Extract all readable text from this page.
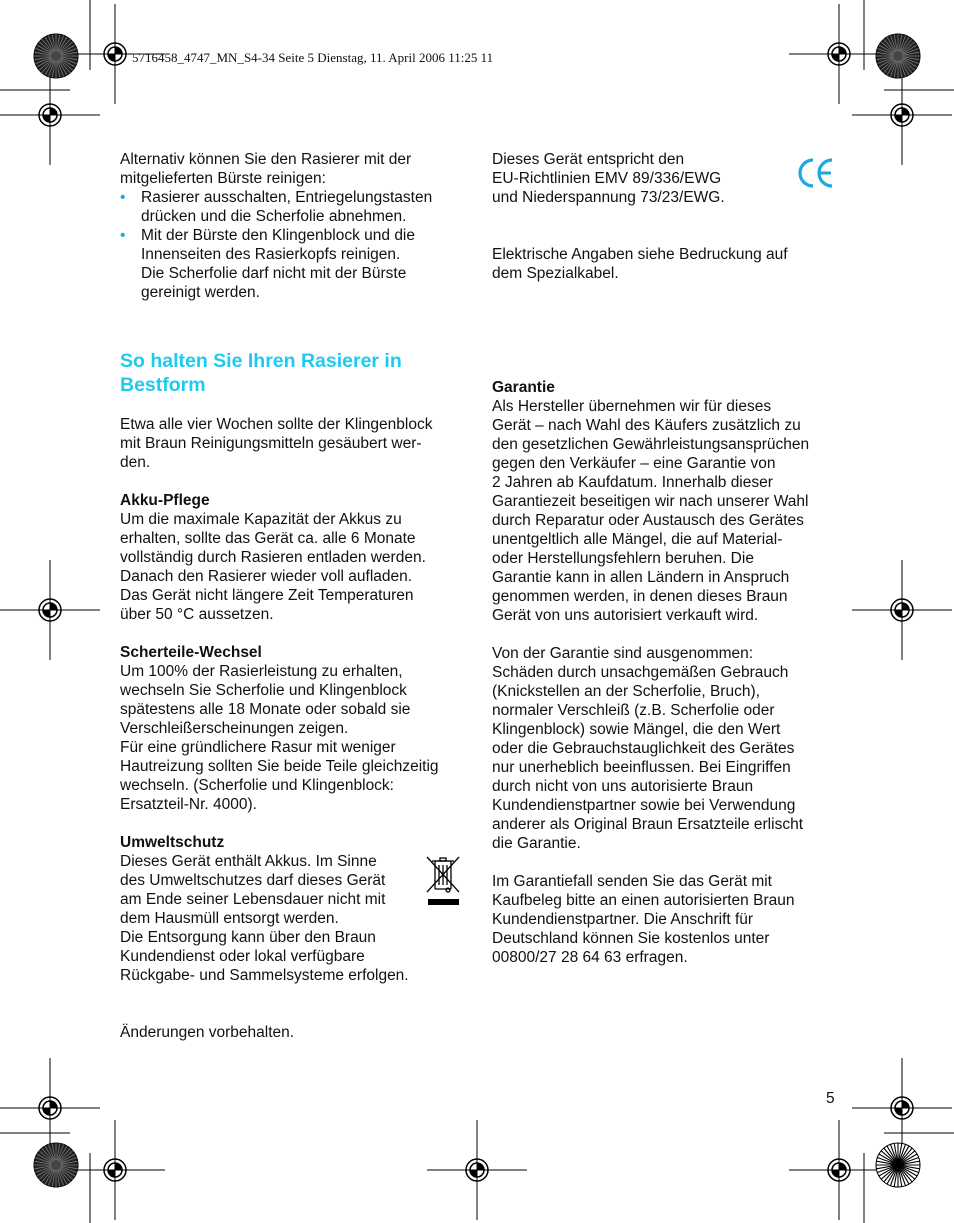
5716458_4747_MN_S4-34 Seite 5 Dienstag, 11. April 2006 11:25 11

Alternativ können Sie den Rasierer mit der

mitgelieferten Bürste reinigen:

• Rasierer ausschalten, Entriegelungstasten

drücken und die Scherfolie abnehmen.

• Mit der Bürste den Klingenblock und die

Innenseiten des Rasierkopfs reinigen.

Die Scherfolie darf nicht mit der Bürste

gereinigt werden.

So halten Sie Ihren Rasierer in
Bestform

Etwa alle vier Wochen sollte der Klingenblock

mit Braun Reinigungsmitteln gesäubert wer-

den.

Akku-Pflege

Um die maximale Kapazität der Akkus zu

erhalten, sollte das Gerät ca. alle 6 Monate

vollständig durch Rasieren entladen werden.

Danach den Rasierer wieder voll aufladen.

Das Gerät nicht längere Zeit Temperaturen

über 50 °C aussetzen.

Scherteile-Wechsel

Um 100% der Rasierleistung zu erhalten,

wechseln Sie Scherfolie und Klingenblock

spätestens alle 18 Monate oder sobald sie

Verschleißerscheinungen zeigen.

Für eine gründlichere Rasur mit weniger

Hautreizung sollten Sie beide Teile gleichzeitig

wechseln. (Scherfolie und Klingenblock:

Ersatzteil-Nr. 4000).

Umweltschutz

Dieses Gerät enthält Akkus. Im Sinne

des Umweltschutzes darf dieses Gerät

am Ende seiner Lebensdauer nicht mit

dem Hausmüll entsorgt werden.

Die Entsorgung kann über den Braun

Kundendienst oder lokal verfügbare

Rückgabe- und Sammelsysteme erfolgen.

Änderungen vorbehalten.

Dieses Gerät entspricht den

EU-Richtlinien EMV 89/336/EWG

und Niederspannung 73/23/EWG.

Elektrische Angaben siehe Bedruckung auf

dem Spezialkabel.

CE

Garantie

Als Hersteller übernehmen wir für dieses

Gerät – nach Wahl des Käufers zusätzlich zu

den gesetzlichen Gewährleistungsansprüchen

gegen den Verkäufer – eine Garantie von

2 Jahren ab Kaufdatum. Innerhalb dieser

Garantiezeit beseitigen wir nach unserer Wahl

durch Reparatur oder Austausch des Gerätes

unentgeltlich alle Mängel, die auf Material-

oder Herstellungsfehlern beruhen. Die

Garantie kann in allen Ländern in Anspruch

genommen werden, in denen dieses Braun

Gerät von uns autorisiert verkauft wird.

Von der Garantie sind ausgenommen:

Schäden durch unsachgemäßen Gebrauch

(Knickstellen an der Scherfolie, Bruch),

normaler Verschleiß (z.B. Scherfolie oder

Klingenblock) sowie Mängel, die den Wert

oder die Gebrauchstauglichkeit des Gerätes

nur unerheblich beeinflussen. Bei Eingriffen

durch nicht von uns autorisierte Braun

Kundendienstpartner sowie bei Verwendung

anderer als Original Braun Ersatzteile erlischt

die Garantie.

Im Garantiefall senden Sie das Gerät mit

Kaufbeleg bitte an einen autorisierten Braun

Kundendienstpartner. Die Anschrift für

Deutschland können Sie kostenlos unter

00800/27 28 64 63 erfragen.

5
